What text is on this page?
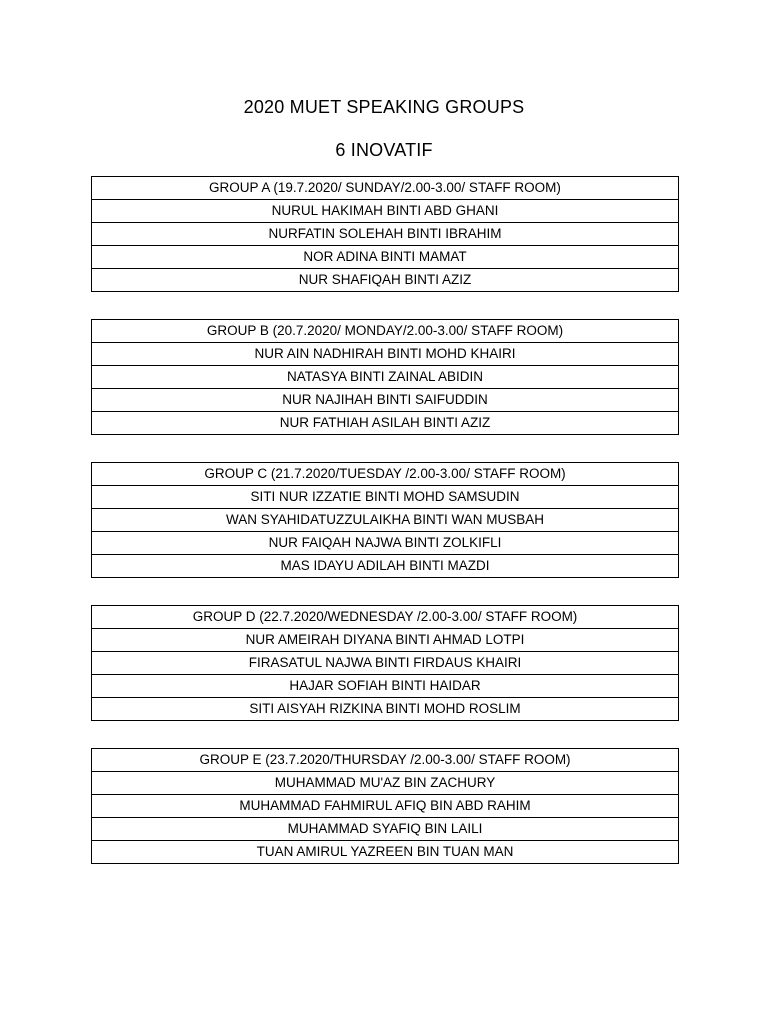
2020 MUET SPEAKING GROUPS
6 INOVATIF
GROUP A (19.7.2020/ SUNDAY/2.00-3.00/ STAFF ROOM)
NURUL HAKIMAH BINTI ABD GHANI
NURFATIN SOLEHAH BINTI IBRAHIM
NOR ADINA BINTI MAMAT
NUR SHAFIQAH BINTI AZIZ
GROUP B (20.7.2020/ MONDAY/2.00-3.00/ STAFF ROOM)
NUR AIN NADHIRAH BINTI MOHD KHAIRI
NATASYA BINTI ZAINAL ABIDIN
NUR NAJIHAH BINTI SAIFUDDIN
NUR FATHIAH ASILAH BINTI AZIZ
GROUP C (21.7.2020/TUESDAY /2.00-3.00/ STAFF ROOM)
SITI NUR IZZATIE BINTI MOHD SAMSUDIN
WAN SYAHIDATUZZULAIKHA BINTI WAN MUSBAH
NUR FAIQAH NAJWA BINTI ZOLKIFLI
MAS IDAYU ADILAH BINTI MAZDI
GROUP D (22.7.2020/WEDNESDAY /2.00-3.00/ STAFF ROOM)
NUR AMEIRAH DIYANA BINTI AHMAD LOTPI
FIRASATUL NAJWA BINTI FIRDAUS KHAIRI
HAJAR SOFIAH BINTI HAIDAR
SITI AISYAH RIZKINA BINTI MOHD ROSLIM
GROUP E (23.7.2020/THURSDAY /2.00-3.00/ STAFF ROOM)
MUHAMMAD MU'AZ BIN ZACHURY
MUHAMMAD FAHMIRUL AFIQ BIN ABD RAHIM
MUHAMMAD SYAFIQ BIN LAILI
TUAN AMIRUL YAZREEN BIN TUAN MAN
